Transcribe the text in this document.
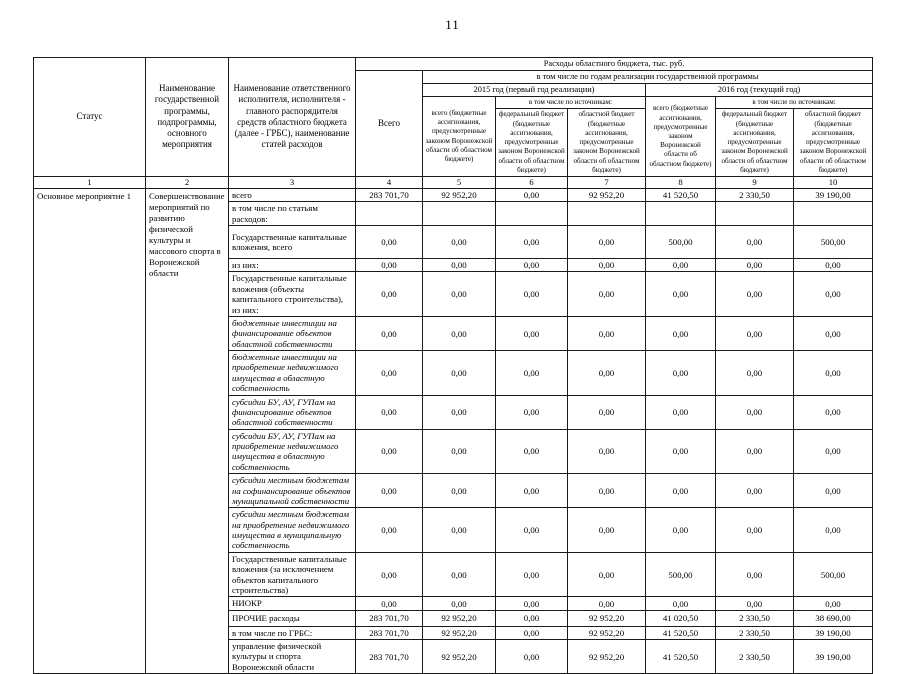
11
Статус	Наименование государственной программы, подпрограммы, основного мероприятия	Наименование ответственного исполнителя, исполнителя - главного распорядителя средств областного бюджета (далее - ГРБС), наименование статей расходов	Расходы областного бюджета, тыс. руб.						
			Всего	в том числе по годам реализации государственной программы					
				2015 год (первый год реализации)			2016 год (текущий год)		
				всего (бюджетные ассигнования, предусмотренные законом Воронежской области об областном бюджете)	в том числе по источникам:		всего (бюджетные ассигнования, предусмотренные законом Воронежской области об областном бюджете)	в том числе по источникам:	
					федеральный бюджет (бюджетные ассигнования, предусмотренные законом Воронежской области об областном бюджете)	областной бюджет (бюджетные ассигнования, предусмотренные законом Воронежской области об областном бюджете)		федеральный бюджет (бюджетные ассигнования, предусмотренные законом Воронежской области об областном бюджете)	областной бюджет (бюджетные ассигнования, предусмотренные законом Воронежской области об областном бюджете)
1	2	3	4	5	6	7	8	9	10
Основное мероприятие 1	Совершенствование мероприятий по развитию физической культуры и массового спорта в Воронежской области	всего	283 701,70	92 952,20	0,00	92 952,20	41 520,50	2 330,50	39 190,00
		в том числе по статьям расходов:							
		Государственные капитальные вложения, всего	0,00	0,00	0,00	0,00	500,00	0,00	500,00
		из них:	0,00	0,00	0,00	0,00	0,00	0,00	0,00
		Государственные капитальные вложения (объекты капитального строительства), из них:	0,00	0,00	0,00	0,00	0,00	0,00	0,00
		бюджетные инвестиции на финансирование объектов областной собственности	0,00	0,00	0,00	0,00	0,00	0,00	0,00
		бюджетные инвестиции на приобретение недвижимого имущества в областную собственность	0,00	0,00	0,00	0,00	0,00	0,00	0,00
		субсидии БУ, АУ, ГУПам на финансирование объектов областной собственности	0,00	0,00	0,00	0,00	0,00	0,00	0,00
		субсидии БУ, АУ, ГУПам на приобретение недвижимого имущества в областную собственность	0,00	0,00	0,00	0,00	0,00	0,00	0,00
		субсидии местным бюджетам на софинансирование объектов муниципальной собственности	0,00	0,00	0,00	0,00	0,00	0,00	0,00
		субсидии местным бюджетам на приобретение недвижимого имущества в муниципальную собственность	0,00	0,00	0,00	0,00	0,00	0,00	0,00
		Государственные капитальные вложения (за исключением объектов капитального строительства)	0,00	0,00	0,00	0,00	500,00	0,00	500,00
		НИОКР	0,00	0,00	0,00	0,00	0,00	0,00	0,00
		ПРОЧИЕ расходы	283 701,70	92 952,20	0,00	92 952,20	41 020,50	2 330,50	38 690,00
		в том числе по ГРБС:	283 701,70	92 952,20	0,00	92 952,20	41 520,50	2 330,50	39 190,00
		управление физической культуры и спорта Воронежской области	283 701,70	92 952,20	0,00	92 952,20	41 520,50	2 330,50	39 190,00
